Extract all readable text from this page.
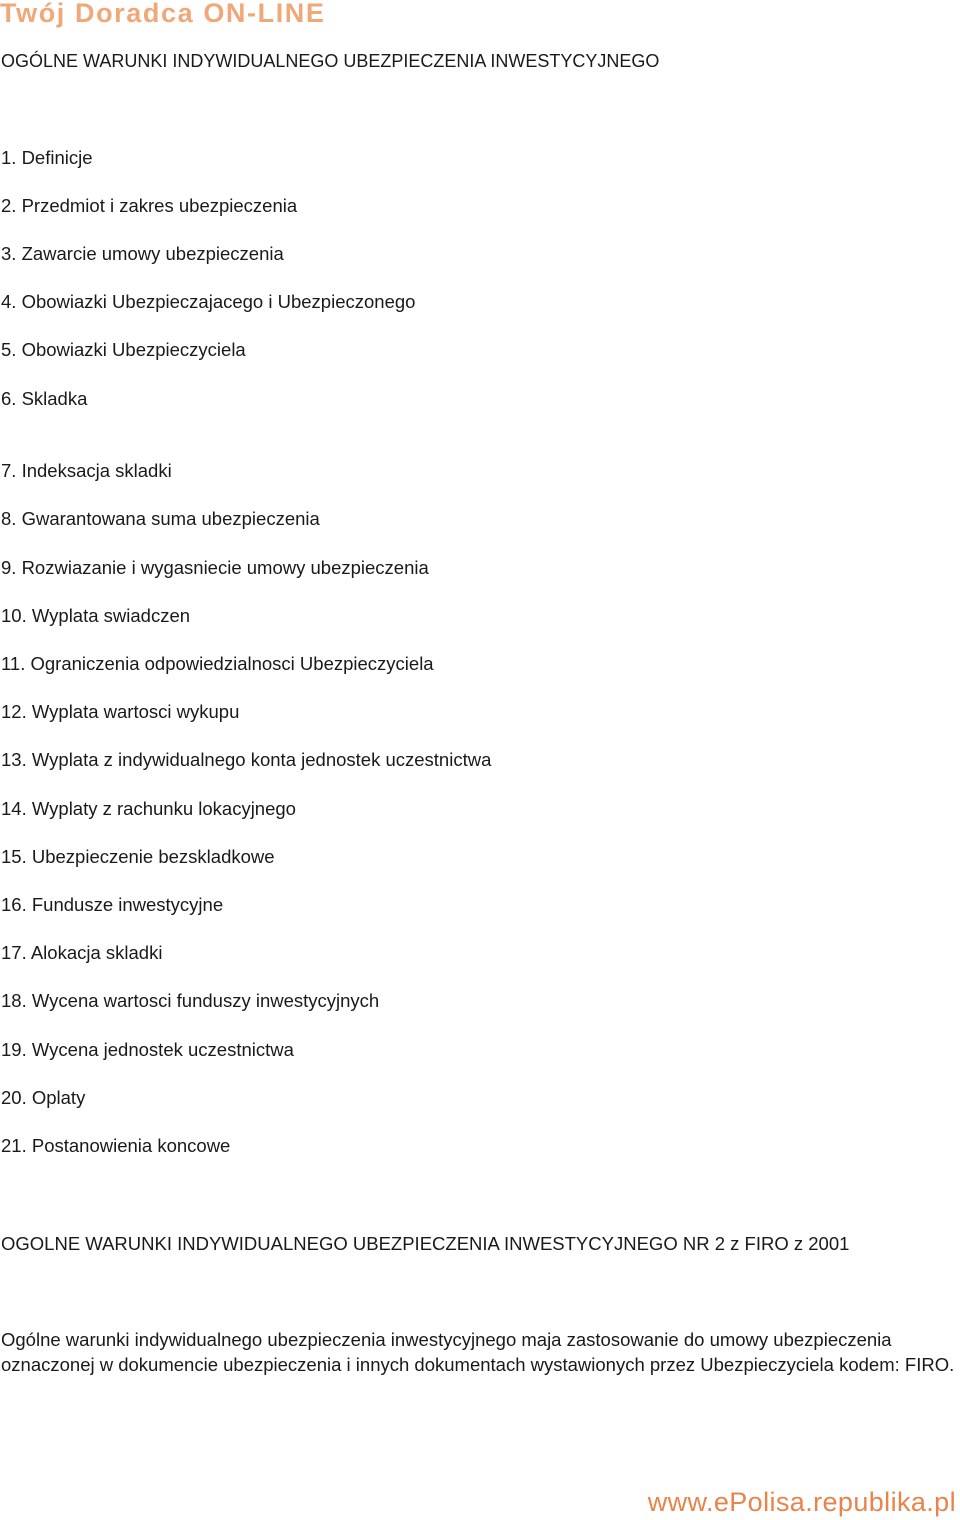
Twój Doradca ON-LINE
OGÓLNE WARUNKI INDYWIDUALNEGO UBEZPIECZENIA INWESTYCYJNEGO
1. Definicje
2. Przedmiot i zakres ubezpieczenia
3. Zawarcie umowy ubezpieczenia
4. Obowiazki Ubezpieczajacego i Ubezpieczonego
5. Obowiazki Ubezpieczyciela
6. Skladka
7. Indeksacja skladki
8. Gwarantowana suma ubezpieczenia
9. Rozwiazanie i wygasniecie umowy ubezpieczenia
10. Wyplata swiadczen
11. Ograniczenia odpowiedzialnosci Ubezpieczyciela
12. Wyplata wartosci wykupu
13. Wyplata z indywidualnego konta jednostek uczestnictwa
14. Wyplaty z rachunku lokacyjnego
15. Ubezpieczenie bezskladkowe
16. Fundusze inwestycyjne
17. Alokacja skladki
18. Wycena wartosci funduszy inwestycyjnych
19. Wycena jednostek uczestnictwa
20. Oplaty
21. Postanowienia koncowe
OGOLNE WARUNKI INDYWIDUALNEGO UBEZPIECZENIA INWESTYCYJNEGO NR 2 z FIRO z 2001

Ogólne warunki indywidualnego ubezpieczenia inwestycyjnego maja zastosowanie do umowy ubezpieczenia oznaczonej w dokumencie ubezpieczenia i innych dokumentach wystawionych przez Ubezpieczyciela kodem: FIRO.

www.ePolisa.republika.pl
